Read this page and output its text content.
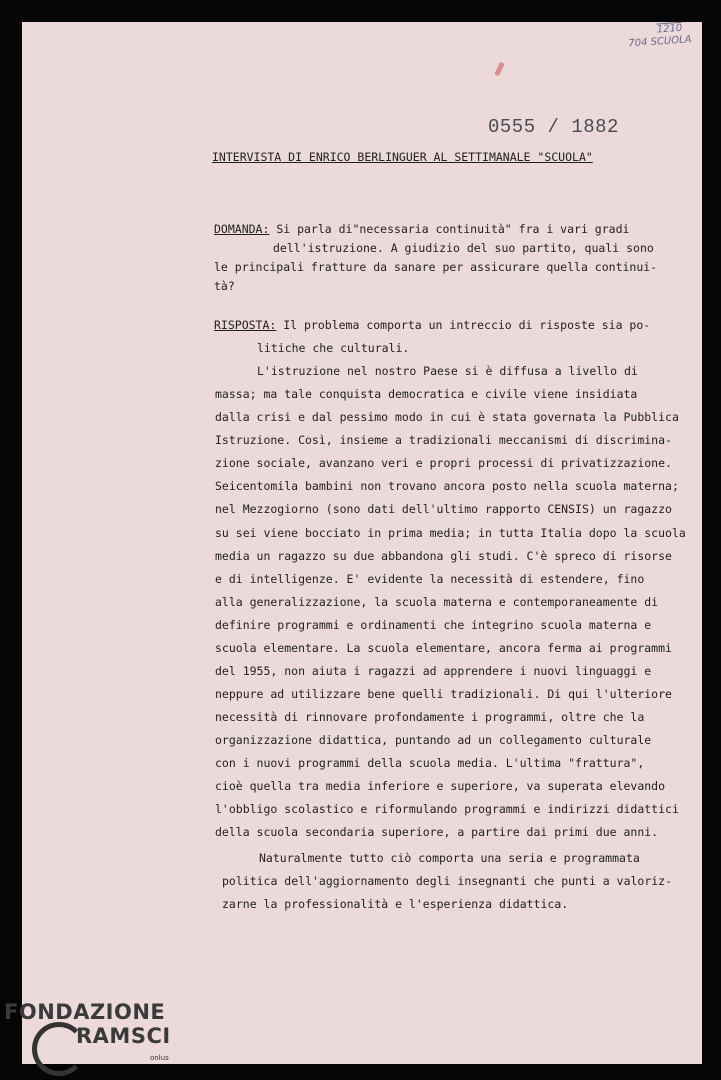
1210
704 SCUOLA
0555 / 1882
INTERVISTA DI ENRICO BERLINGUER AL SETTIMANALE "SCUOLA"
DOMANDA: Si parla di"necessaria continuità" fra i vari gradi
dell'istruzione. A giudizio del suo partito, quali sono
le principali fratture da sanare per assicurare quella continui-
tà?
RISPOSTA: Il problema comporta un intreccio di risposte sia po-
litiche che culturali.
L'istruzione nel nostro Paese si è diffusa a livello di
massa; ma tale conquista democratica e civile viene insidiata
dalla crisi e dal pessimo modo in cui è stata governata la Pubblica
Istruzione. Così, insieme a tradizionali meccanismi di discrimina-
zione sociale, avanzano veri e propri processi di privatizzazione.
Seicentomila bambini non trovano ancora posto nella scuola materna;
nel Mezzogiorno (sono dati dell'ultimo rapporto CENSIS) un ragazzo
su sei viene bocciato in prima media; in tutta Italia dopo la scuola
media un ragazzo su due abbandona gli studi. C'è spreco di risorse
e di intelligenze. E' evidente la necessità di estendere, fino
alla generalizzazione, la scuola materna e contemporaneamente di
definire programmi e ordinamenti che integrino scuola materna e
scuola elementare. La scuola elementare, ancora ferma ai programmi
del 1955, non aiuta i ragazzi ad apprendere i nuovi linguaggi e
neppure ad utilizzare bene quelli tradizionali. Di qui l'ulteriore
necessità di rinnovare profondamente i programmi, oltre che la
organizzazione didattica, puntando ad un collegamento culturale
con i nuovi programmi della scuola media. L'ultima "frattura",
cioè quella tra media inferiore e superiore, va superata elevando
l'obbligo scolastico e riformulando programmi e indirizzi didattici
della scuola secondaria superiore, a partire dai primi due anni.
Naturalmente tutto ciò comporta una seria e programmata
politica dell'aggiornamento degli insegnanti che punti a valoriz-
zarne la professionalità e l'esperienza didattica.
FONDAZIONE
RAMSCI
onlus
